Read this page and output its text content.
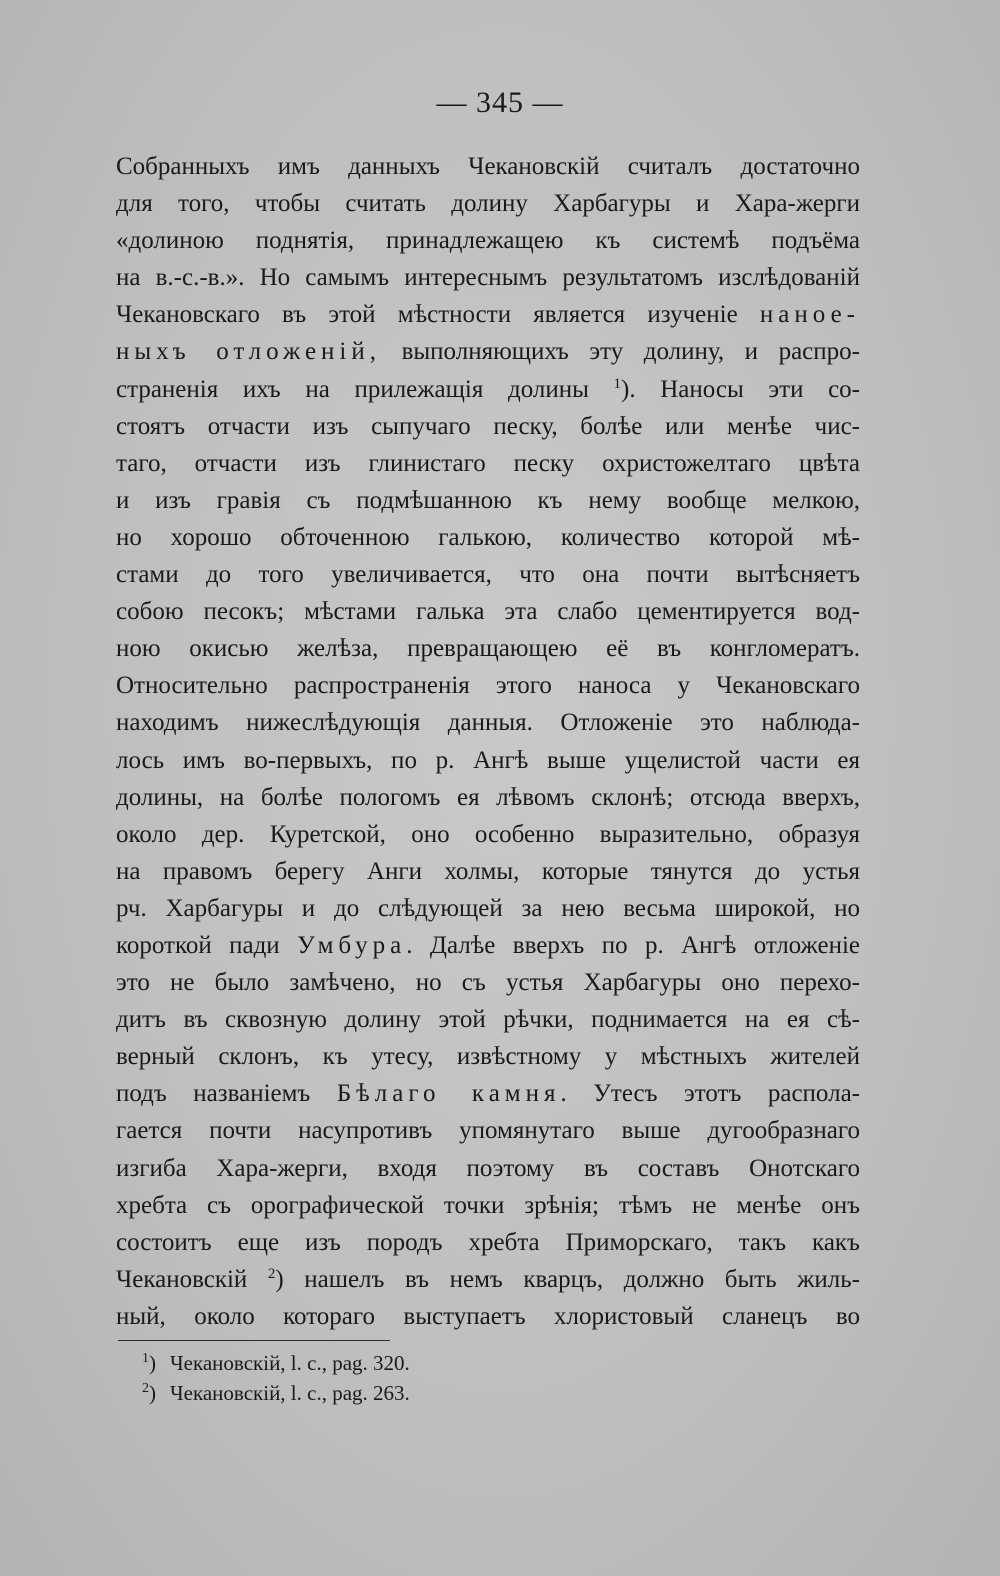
— 345 —
Собранныхъ имъ данныхъ Чекановскій считалъ достаточно
для того, чтобы считать долину Харбагуры и Хара-жерги
«долиною поднятія, принадлежащею къ системѣ подъёма
на в.-с.-в.». Но самымъ интереснымъ результатомъ изслѣдованій
Чекановскаго въ этой мѣстности является изученіе наное-
ныхъ отложеній, выполняющихъ эту долину, и распро-
страненія ихъ на прилежащія долины $^1$). Наносы эти со-
стоятъ отчасти изъ сыпучаго песку, болѣе или менѣе чис-
таго, отчасти изъ глинистаго песку охристожелтаго цвѣта
и изъ гравія съ подмѣшанною къ нему вообще мелкою,
но хорошо обточенною галькою, количество которой мѣ-
стами до того увеличивается, что она почти вытѣсняетъ
собою песокъ; мѣстами галька эта слабо цементируется вод-
ною окисью желѣза, превращающею её въ конгломератъ.
Относительно распространенія этого наноса у Чекановскаго
находимъ нижеслѣдующія данныя. Отложеніе это наблюда-
лось имъ во-первыхъ, по р. Ангѣ выше ущелистой части ея
долины, на болѣе пологомъ ея лѣвомъ склонѣ; отсюда вверхъ,
около дер. Куретской, оно особенно выразительно, образуя
на правомъ берегу Анги холмы, которые тянутся до устья
рч. Харбагуры и до слѣдующей за нею весьма широкой, но
короткой пади Умбура. Далѣе вверхъ по р. Ангѣ отложеніе
это не было замѣчено, но съ устья Харбагуры оно перехо-
дитъ въ сквозную долину этой рѣчки, поднимается на ея сѣ-
верный склонъ, къ утесу, извѣстному у мѣстныхъ жителей
подъ названіемъ Бѣлаго камня. Утесъ этотъ распола-
гается почти насупротивъ упомянутаго выше дугообразнаго
изгиба Хара-жерги, входя поэтому въ составъ Онотскаго
хребта съ орографической точки зрѣнія; тѣмъ не менѣе онъ
состоитъ еще изъ породъ хребта Приморскаго, такъ какъ
Чекановскій $^2$) нашелъ въ немъ кварцъ, должно быть жиль-
ный, около котораго выступаетъ хлористовый сланецъ во
$^1$) Чекановскій, l. c., pag. 320.
$^2$) Чекановскій, l. c., pag. 263.
